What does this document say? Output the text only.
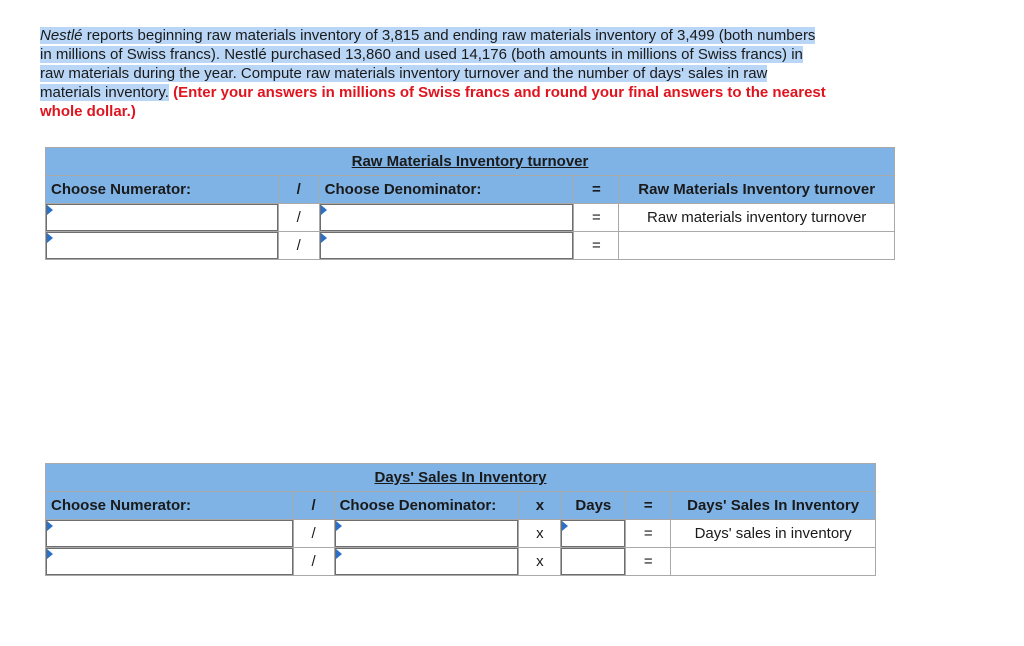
Nestlé reports beginning raw materials inventory of 3,815 and ending raw materials inventory of 3,499 (both numbers in millions of Swiss francs). Nestlé purchased 13,860 and used 14,176 (both amounts in millions of Swiss francs) in raw materials during the year. Compute raw materials inventory turnover and the number of days' sales in raw materials inventory. (Enter your answers in millions of Swiss francs and round your final answers to the nearest whole dollar.)
Raw Materials Inventory turnover				
Choose Numerator:	/	Choose Denominator:	=	Raw Materials Inventory turnover

	/		=	Raw materials inventory turnover

	/		=	
Days' Sales In Inventory						
Choose Numerator:	/	Choose Denominator:	x	Days	=	Days' Sales In Inventory

	/		x		=	Days' sales in inventory

	/		x		=	
